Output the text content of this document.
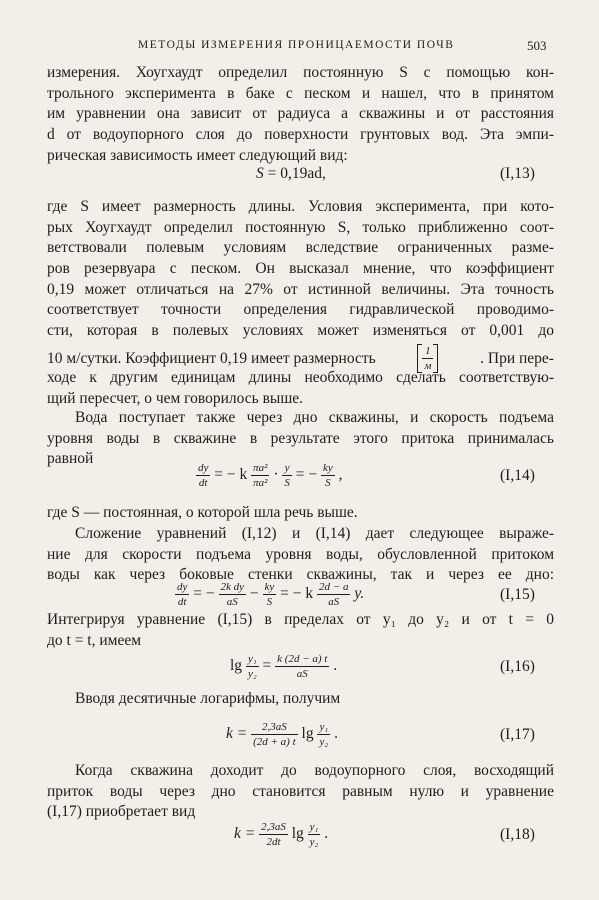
МЕТОДЫ ИЗМЕРЕНИЯ ПРОНИЦАЕМОСТИ ПОЧВ	503
измерения. Хоугхаудт определил постоянную S с помощью кон-
трольного эксперимента в баке с песком и нашел, что в принятом
им уравнении она зависит от радиуса a скважины и от расстояния
d от водоупорного слоя до поверхности грунтовых вод. Эта эмпи-
рическая зависимость имеет следующий вид:
S = 0,19ad,	(I,13)
где S имеет размерность длины. Условия эксперимента, при кото-
рых Хоугхаудт определил постоянную S, только приближенно соот-
ветствовали полевым условиям вследствие ограниченных разме-
ров резервуара с песком. Он высказал мнение, что коэффициент
0,19 может отличаться на 27% от истинной величины. Эта точность
соответствует точности определения гидравлической проводимо-
сти, которая в полевых условиях может изменяться от 0,001 до
10 м/сутки. Коэффициент 0,19 имеет размерность	$\frac{1}{м}$	. При пере-
ходе к другим единицам длины необходимо сделать соответствую-
щий пересчет, о чем говорилось выше.
Вода поступает также через дно скважины, и скорость подъема
уровня воды в скважине в результате этого притока принималась
равной
$\frac{dy}{dt}$ = − k $\frac{\text{πa²}}{\text{πa²}} \cdot \frac{y}{S}$ = − $\frac{ky}{S}$ ,	(I,14)
где S — постоянная, о которой шла речь выше.
Сложение уравнений (I,12) и (I,14) дает следующее выраже-
ние для скорости подъема уровня воды, обусловленной притоком
воды как через боковые стенки скважины, так и через ее дно:
$\frac{dy}{dt}$ = − $\frac{\text{2k dy}}{aS} - \frac{ky}{S}$ = − k $\frac{2d - a}{aS} y$.	(I,15)
Интегрируя уравнение (I,15) в пределах от y₁ до y₂ и от t = 0
до t = t, имеем
$\lg \frac{\text{y₁}}{\text{y₂}} = \frac{k (2d - a) t}{aS}$ .	(I,16)
Вводя десятичные логарифмы, получим
$k = \frac{2,3aS}{(2d + a) t}$ $\lg \frac{\text{y₁}}{\text{y₂}}$ .	(I,17)
Когда скважина доходит до водоупорного слоя, восходящий
приток воды через дно становится равным нулю и уравнение
(I,17) приобретает вид
$k = \frac{2,3aS}{2dt}$ $\lg \frac{\text{y₁}}{\text{y₂}}$ .	(I,18)
